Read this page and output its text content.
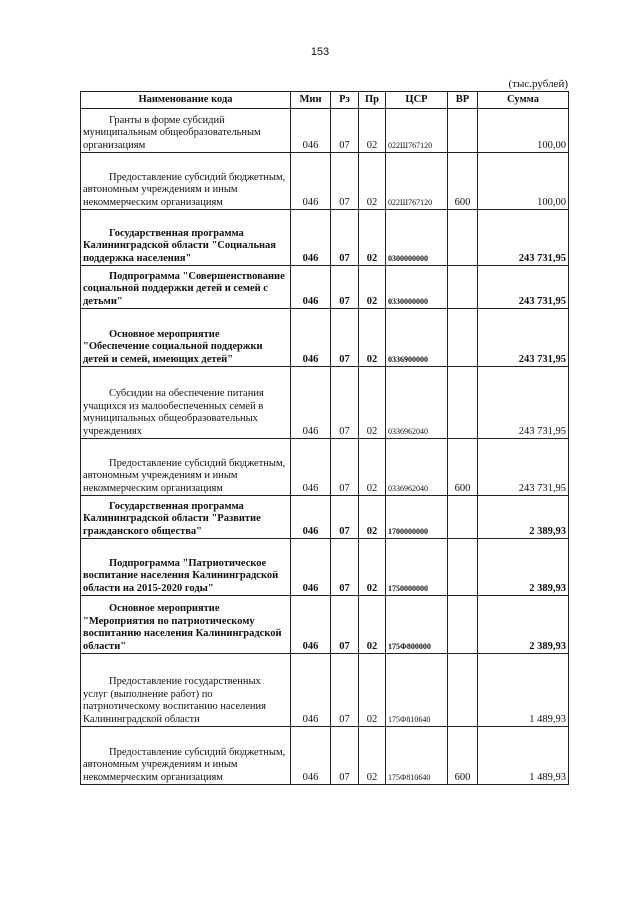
153
(тыс.рублей)
Наименование кода	Мин	Рз	Пр	ЦСР	ВР	Сумма

Гранты в форме субсидий муниципальным общеобразовательным организациям	046	07	02	022Ш767120		100,00

Предоставление субсидий бюджетным, автономным учреждениям и иным некоммерческим организациям	046	07	02	022Ш767120	600	100,00

Государственная программа Калининградской области "Социальная поддержка населения"	046	07	02	0300000000		243 731,95

Подпрограмма "Совершенствование социальной поддержки детей и семей с детьми"	046	07	02	0330000000		243 731,95

Основное мероприятие "Обеспечение социальной поддержки детей и семей, имеющих детей"	046	07	02	0336900000		243 731,95

Субсидии на обеспечение питания учащихся из малообеспеченных семей в муниципальных общеобразовательных учреждениях	046	07	02	0336962040		243 731,95

Предоставление субсидий бюджетным, автономным учреждениям и иным некоммерческим организациям	046	07	02	0336962040	600	243 731,95

Государственная программа Калининградской области "Развитие гражданского общества"	046	07	02	1700000000		2 389,93

Подпрограмма "Патриотическое воспитание населения Калининградской области на 2015-2020 годы"	046	07	02	1750000000		2 389,93

Основное мероприятие "Мероприятия по патриотическому воспитанию населения Калининградской области"	046	07	02	175Ф800000		2 389,93

Предоставление государственных услуг (выполнение работ) по патриотическому воспитанию населения Калининградской области	046	07	02	175Ф810640		1 489,93

Предоставление субсидий бюджетным, автономным учреждениям и иным некоммерческим организациям	046	07	02	175Ф810640	600	1 489,93
